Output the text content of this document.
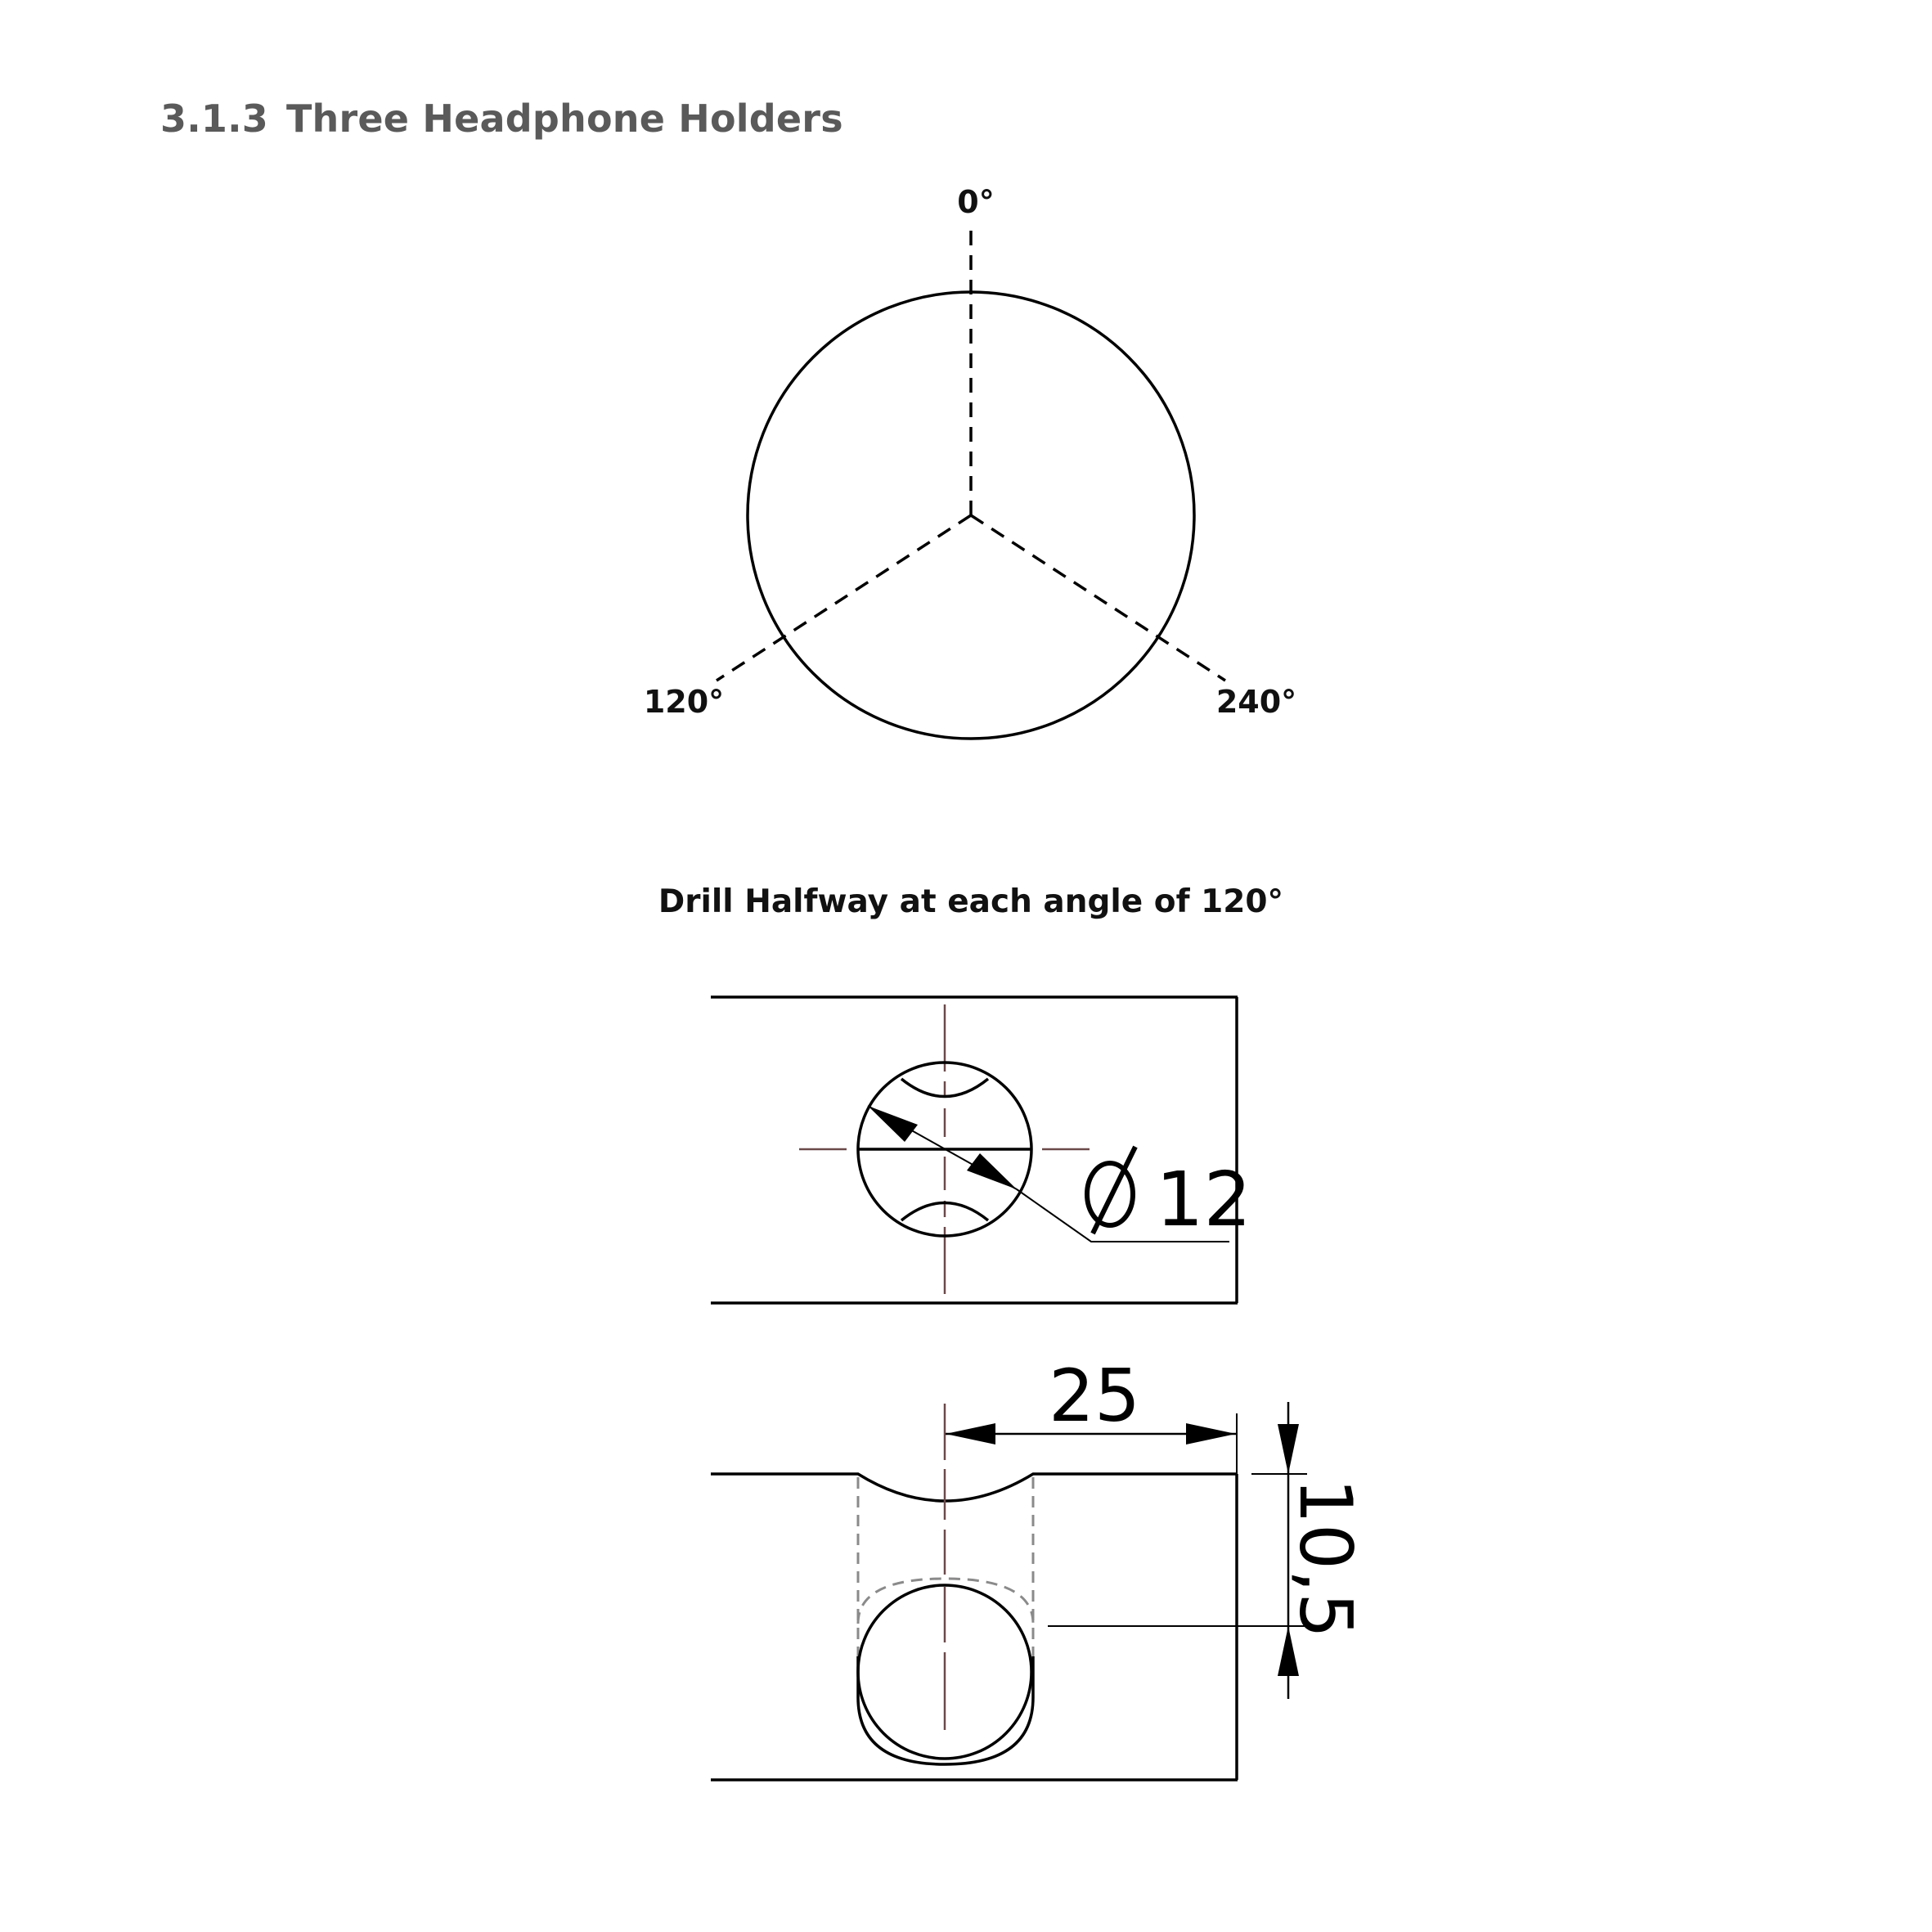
3.1.3 Three Headphone Holders
0°
120°	240°
Drill Halfway at each angle of 120°
12
25
10,5
